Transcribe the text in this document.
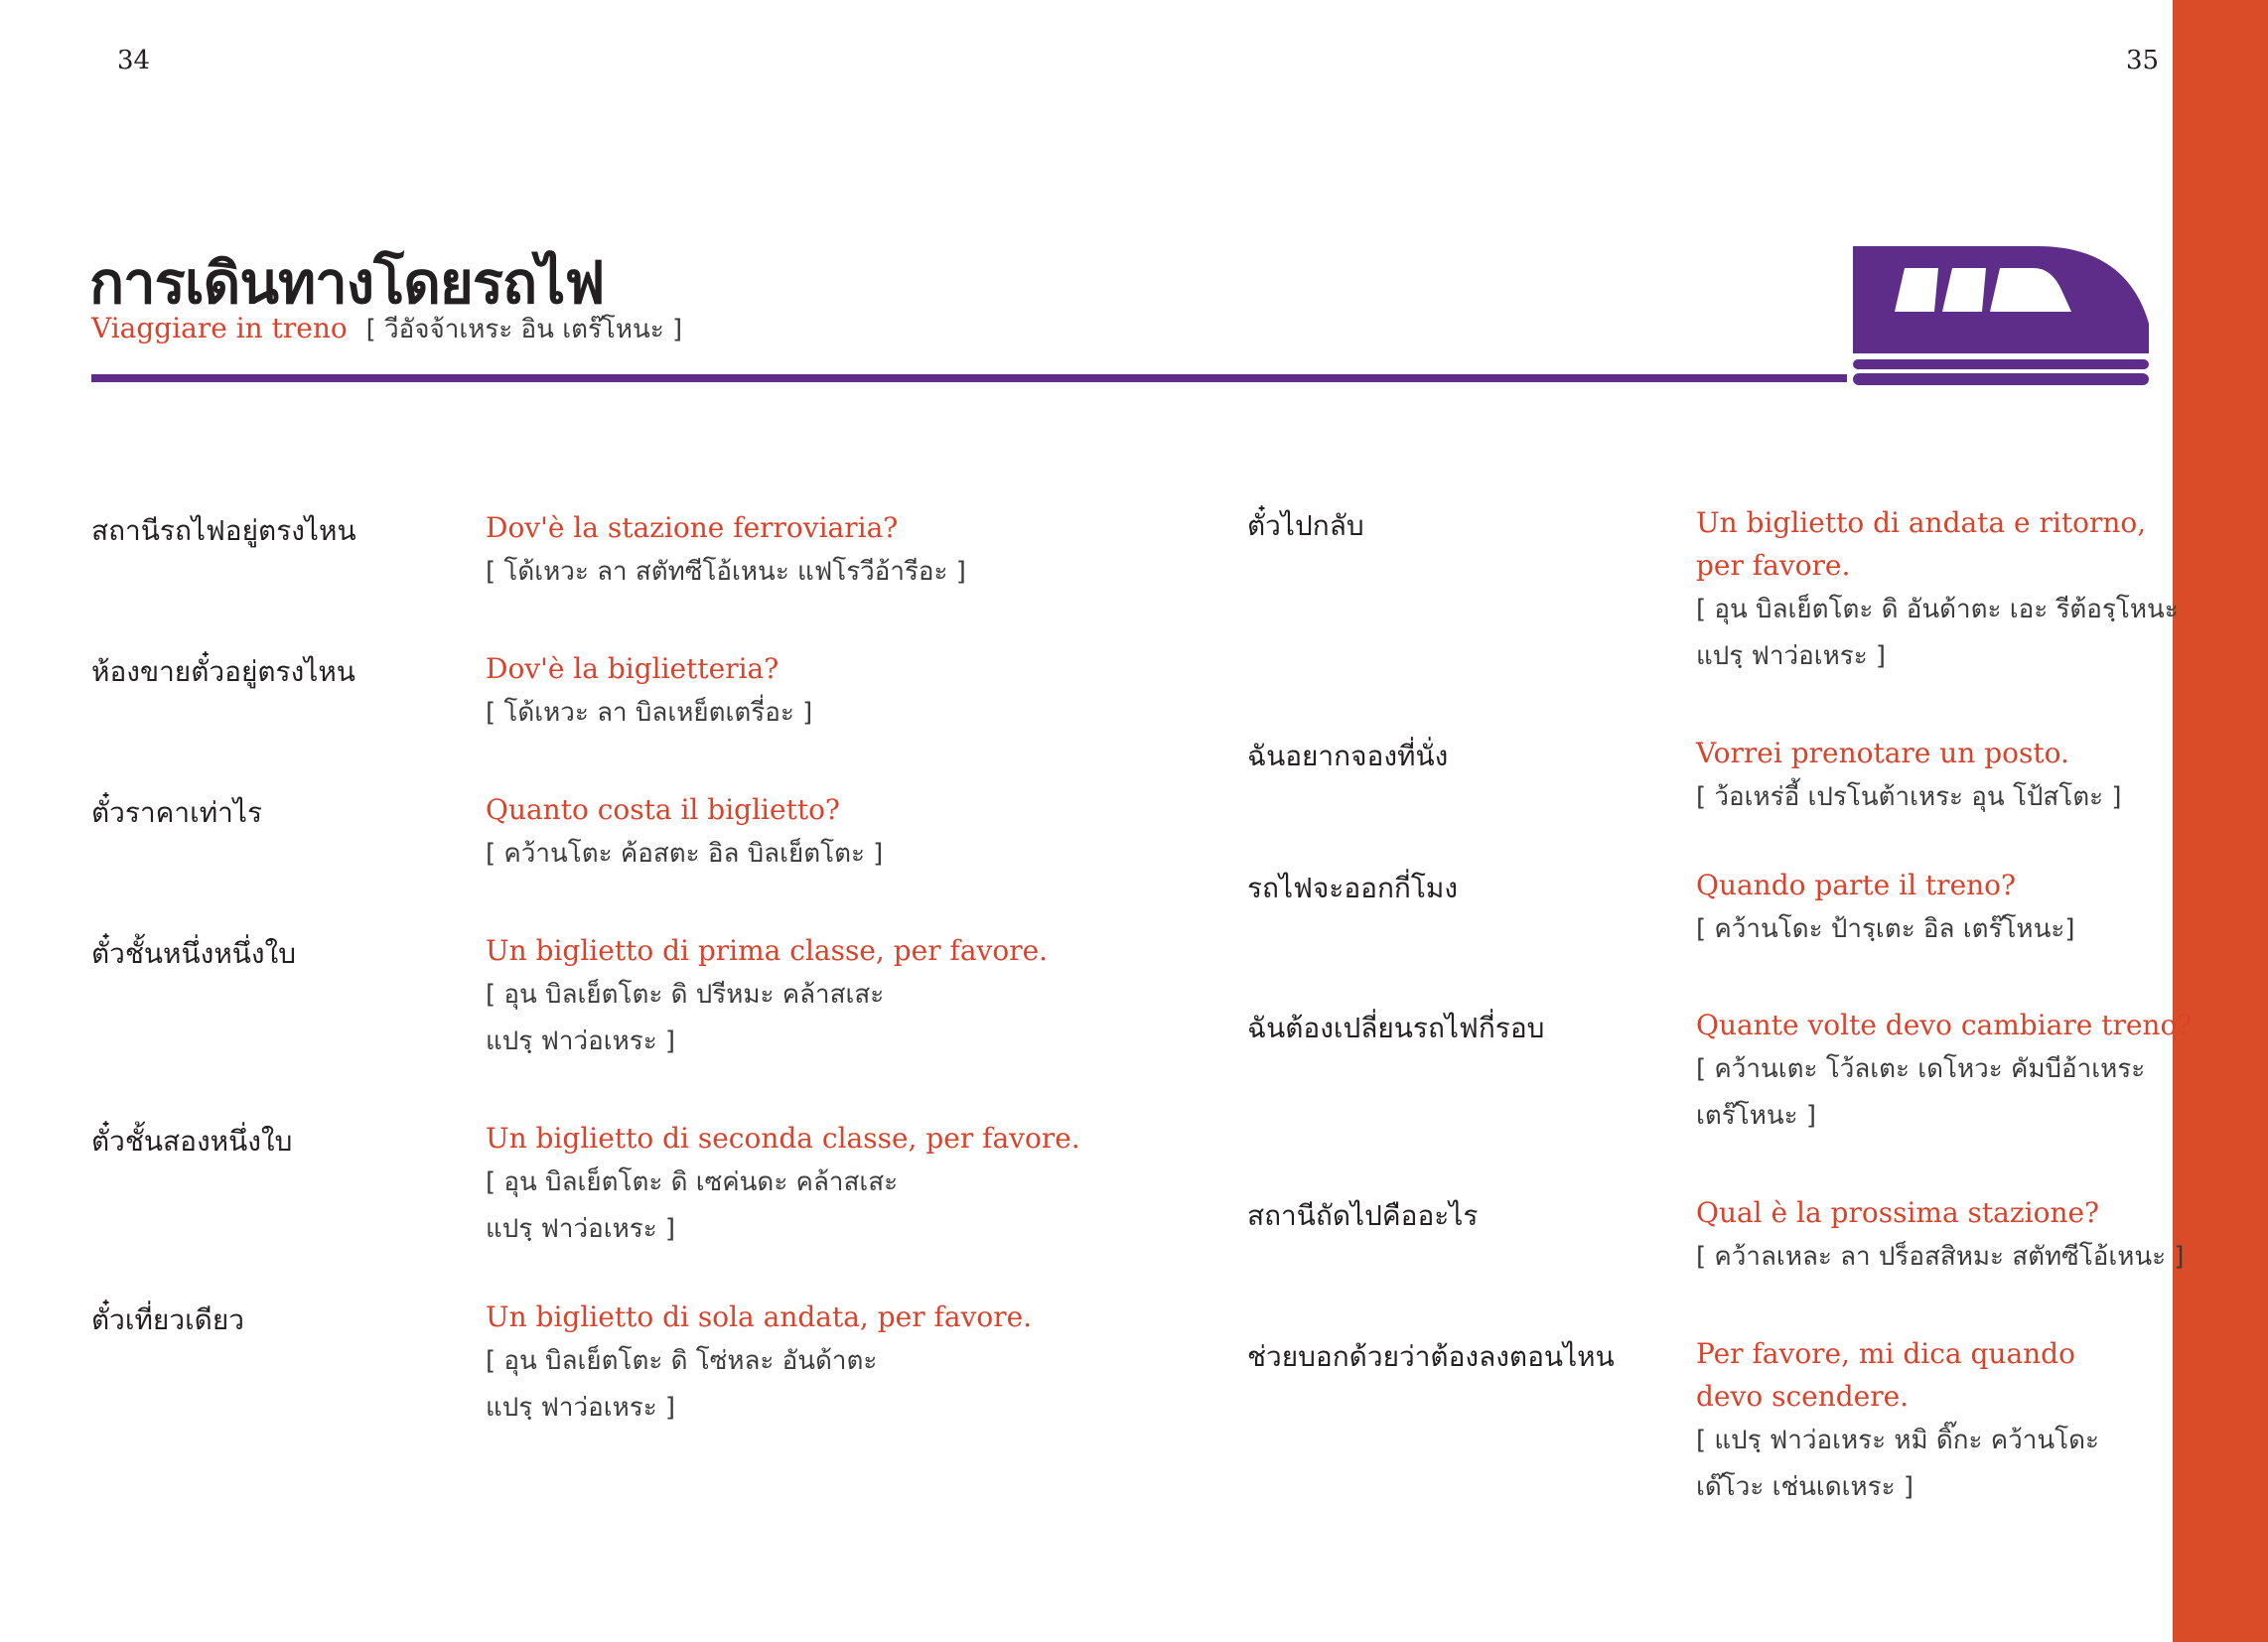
34	35
การเดินทางโดยรถไฟ
Viaggiare in treno [ วีอัจจ้าเหระ อิน เตร๊โหนะ ]
สถานีรถไฟอยู่ตรงไหน	Dov'è la stazione ferroviaria?
[ โด้เหวะ ลา สตัทซีโอ้เหนะ แฟโรวีอ้ารีอะ ]
ห้องขายตั๋วอยู่ตรงไหน	Dov'è la biglietteria?
[ โด้เหวะ ลา บิลเหย็ตเตรี่อะ ]
ตั๋วราคาเท่าไร	Quanto costa il biglietto?
[ คว้านโตะ ค้อสตะ อิล บิลเย็ตโตะ ]
ตั๋วชั้นหนึ่งหนึ่งใบ	Un biglietto di prima classe, per favore.
[ อุน บิลเย็ตโตะ ดิ ปรีหมะ คล้าสเสะ
แปรฺ ฟาว่อเหระ ]
ตั๋วชั้นสองหนึ่งใบ	Un biglietto di seconda classe, per favore.
[ อุน บิลเย็ตโตะ ดิ เซค่นดะ คล้าสเสะ
แปรฺ ฟาว่อเหระ ]
ตั๋วเที่ยวเดียว	Un biglietto di sola andata, per favore.
[ อุน บิลเย็ตโตะ ดิ โซ่หละ อันด้าตะ
แปรฺ ฟาว่อเหระ ]
ตั๋วไปกลับ	Un biglietto di andata e ritorno,
per favore.
[ อุน บิลเย็ตโตะ ดิ อันด้าตะ เอะ รีต้อรฺโหนะ
แปรฺ ฟาว่อเหระ ]
ฉันอยากจองที่นั่ง	Vorrei prenotare un posto.
[ ว้อเหร่อี้ เปรโนต้าเหระ อุน โป้สโตะ ]
รถไฟจะออกกี่โมง	Quando parte il treno?
[ คว้านโดะ ป้ารฺเตะ อิล เตร๊โหนะ]
ฉันต้องเปลี่ยนรถไฟกี่รอบ	Quante volte devo cambiare treno?
[ คว้านเตะ โว้ลเตะ เดโหวะ คัมบีอ้าเหระ
เตร๊โหนะ ]
สถานีถัดไปคืออะไร	Qual è la prossima stazione?
[ คว้าลเหละ ลา ปร็อสสิหมะ สตัทซีโอ้เหนะ ]
ช่วยบอกด้วยว่าต้องลงตอนไหน	Per favore, mi dica quando
devo scendere.
[ แปรฺ ฟาว่อเหระ หมิ ดิ๊กะ คว้านโดะ
เด๊โวะ เช่นเดเหระ ]
